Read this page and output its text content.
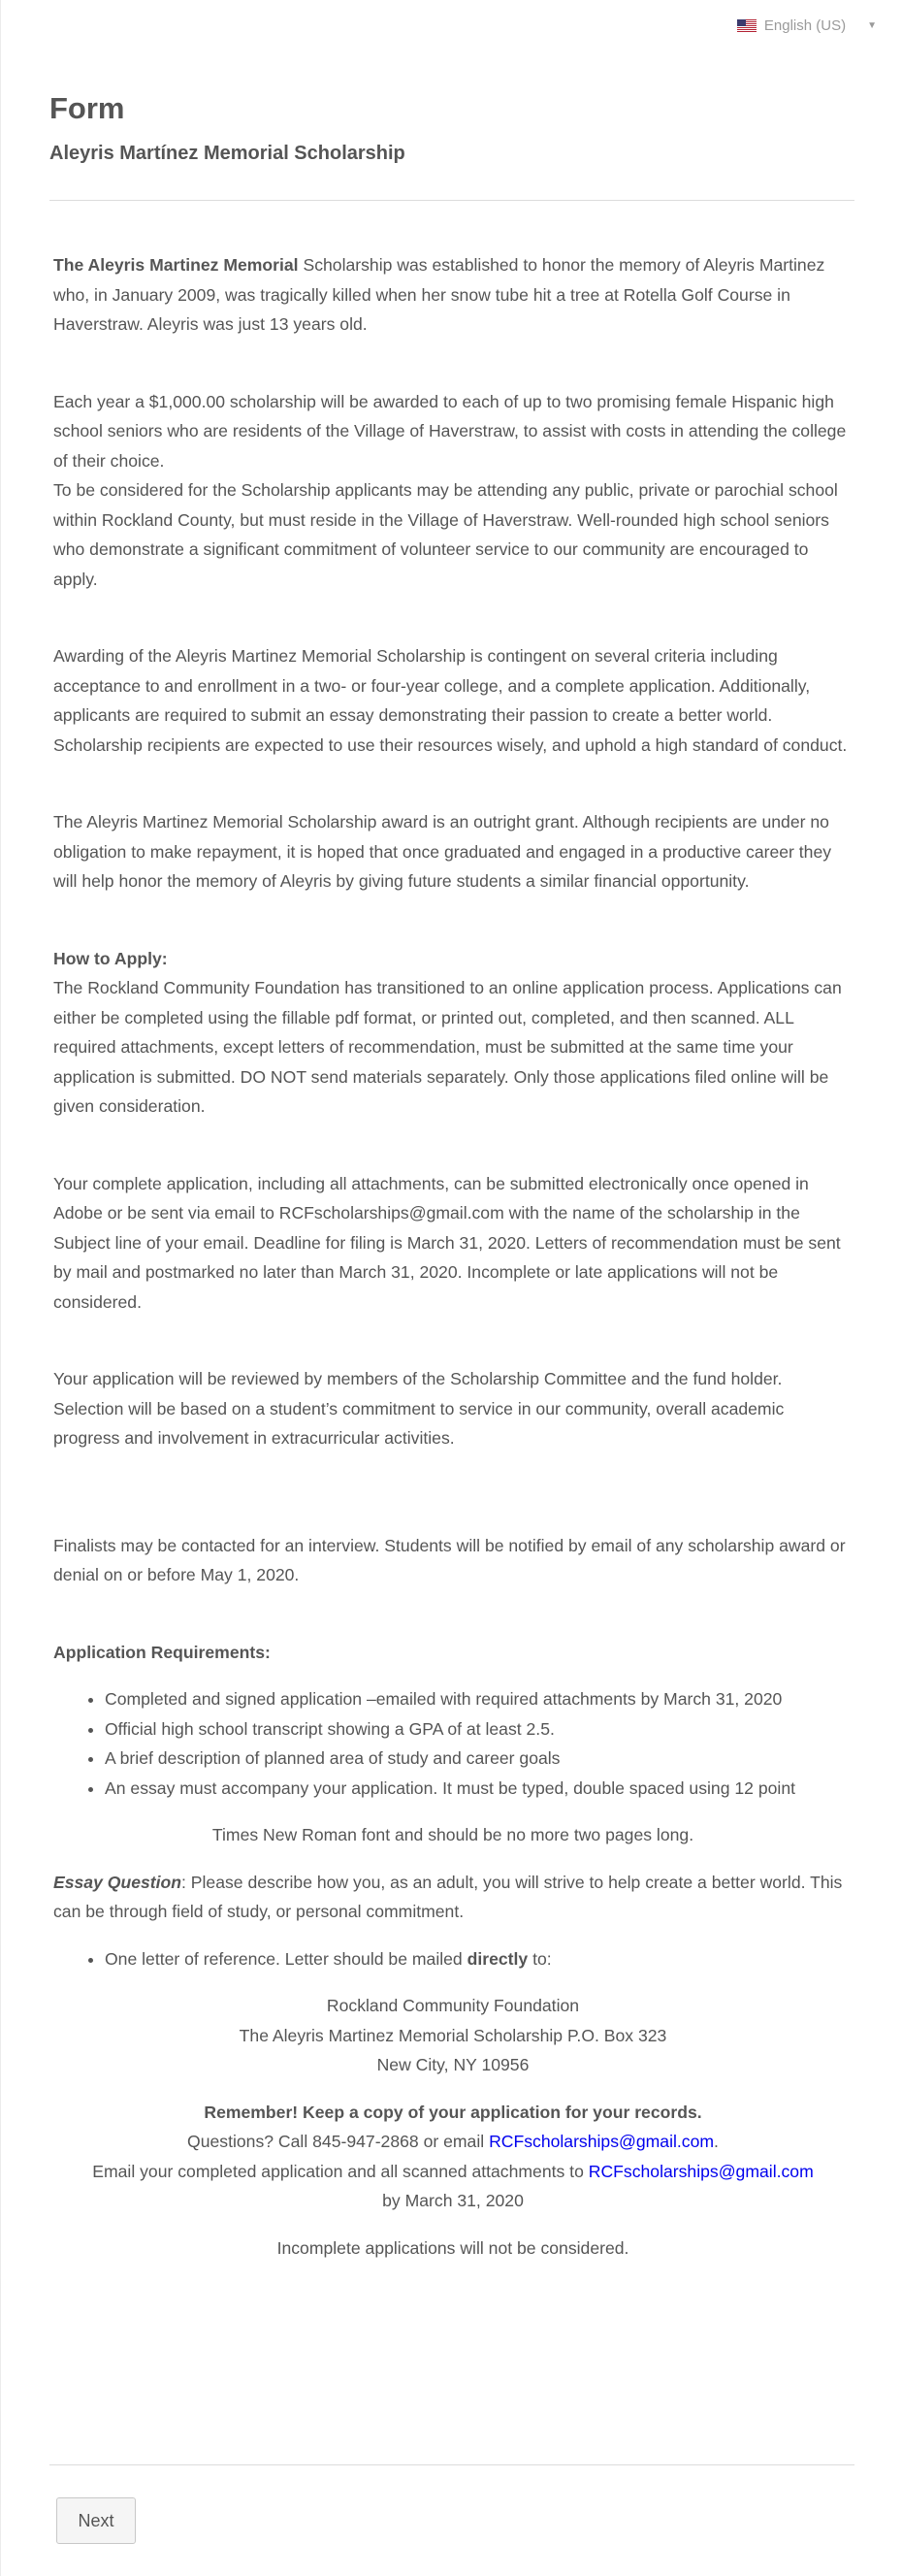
English (US) ▼
Form
Aleyris Martínez Memorial Scholarship

The Aleyris Martinez Memorial Scholarship was established to honor the memory of Aleyris Martinez who, in January 2009, was tragically killed when her snow tube hit a tree at Rotella Golf Course in Haverstraw. Aleyris was just 13 years old.

Each year a $1,000.00 scholarship will be awarded to each of up to two promising female Hispanic high school seniors who are residents of the Village of Haverstraw, to assist with costs in attending the college of their choice.

To be considered for the Scholarship applicants may be attending any public, private or parochial school within Rockland County, but must reside in the Village of Haverstraw. Well-rounded high school seniors who demonstrate a significant commitment of volunteer service to our community are encouraged to apply.

Awarding of the Aleyris Martinez Memorial Scholarship is contingent on several criteria including acceptance to and enrollment in a two- or four-year college, and a complete application. Additionally, applicants are required to submit an essay demonstrating their passion to create a better world. Scholarship recipients are expected to use their resources wisely, and uphold a high standard of conduct.

The Aleyris Martinez Memorial Scholarship award is an outright grant. Although recipients are under no obligation to make repayment, it is hoped that once graduated and engaged in a productive career they will help honor the memory of Aleyris by giving future students a similar financial opportunity.

How to Apply:

The Rockland Community Foundation has transitioned to an online application process. Applications can either be completed using the fillable pdf format, or printed out, completed, and then scanned. ALL required attachments, except letters of recommendation, must be submitted at the same time your application is submitted. DO NOT send materials separately. Only those applications filed online will be given consideration.

Your complete application, including all attachments, can be submitted electronically once opened in Adobe or be sent via email to RCFscholarships@gmail.com with the name of the scholarship in the Subject line of your email. Deadline for filing is March 31, 2020. Letters of recommendation must be sent by mail and postmarked no later than March 31, 2020. Incomplete or late applications will not be considered.

Your application will be reviewed by members of the Scholarship Committee and the fund holder. Selection will be based on a student’s commitment to service in our community, overall academic progress and involvement in extracurricular activities.

Finalists may be contacted for an interview. Students will be notified by email of any scholarship award or denial on or before May 1, 2020.

Application Requirements:

• Completed and signed application –emailed with required attachments by March 31, 2020
• Official high school transcript showing a GPA of at least 2.5.
• A brief description of planned area of study and career goals
• An essay must accompany your application. It must be typed, double spaced using 12 point

Times New Roman font and should be no more two pages long.

Essay Question: Please describe how you, as an adult, you will strive to help create a better world. This can be through field of study, or personal commitment.

• One letter of reference. Letter should be mailed directly to:

Rockland Community Foundation

The Aleyris Martinez Memorial Scholarship P.O. Box 323

New City, NY 10956

Remember! Keep a copy of your application for your records.

Questions? Call 845-947-2868 or email RCFscholarships@gmail.com.

Email your completed application and all scanned attachments to RCFscholarships@gmail.com

by March 31, 2020

Incomplete applications will not be considered.

Next
